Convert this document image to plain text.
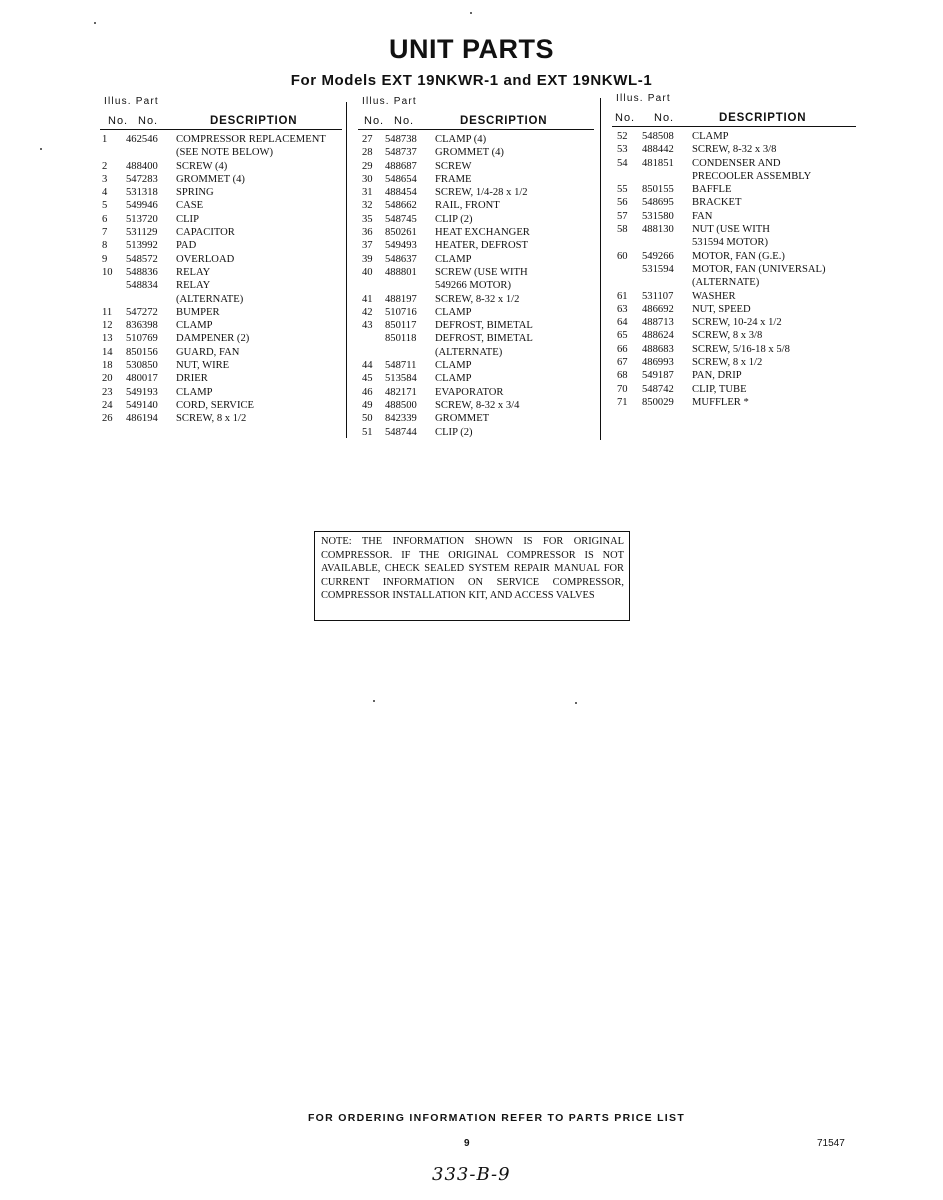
UNIT PARTS
For Models EXT 19NKWR-1 and EXT 19NKWL-1
Illus. Part
No. No.	DESCRIPTION
1 462546 COMPRESSOR REPLACEMENT
(SEE NOTE BELOW)
2 488400 SCREW (4)
3 547283 GROMMET (4)
4 531318 SPRING
5 549946 CASE
6 513720 CLIP
7 531129 CAPACITOR
8 513992 PAD
9 548572 OVERLOAD
10 548836 RELAY
548834 RELAY
(ALTERNATE)
11 547272 BUMPER
12 836398 CLAMP
13 510769 DAMPENER (2)
14 850156 GUARD, FAN
18 530850 NUT, WIRE
20 480017 DRIER
23 549193 CLAMP
24 549140 CORD, SERVICE
26 486194 SCREW, 8 x 1/2
Illus. Part
No. No.	DESCRIPTION
27 548738 CLAMP (4)
28 548737 GROMMET (4)
29 488687 SCREW
30 548654 FRAME
31 488454 SCREW, 1/4-28 x 1/2
32 548662 RAIL, FRONT
35 548745 CLIP (2)
36 850261 HEAT EXCHANGER
37 549493 HEATER, DEFROST
39 548637 CLAMP
40 488801 SCREW (USE WITH
549266 MOTOR)
41 488197 SCREW, 8-32 x 1/2
42 510716 CLAMP
43 850117 DEFROST, BIMETAL
850118 DEFROST, BIMETAL
(ALTERNATE)
44 548711 CLAMP
45 513584 CLAMP
46 482171 EVAPORATOR
49 488500 SCREW, 8-32 x 3/4
50 842339 GROMMET
51 548744 CLIP (2)
Illus. Part
No. No.	DESCRIPTION
52 548508 CLAMP
53 488442 SCREW, 8-32 x 3/8
54 481851 CONDENSER AND
PRECOOLER ASSEMBLY
55 850155 BAFFLE
56 548695 BRACKET
57 531580 FAN
58 488130 NUT (USE WITH
531594 MOTOR)
60 549266 MOTOR, FAN (G.E.)
531594 MOTOR, FAN (UNIVERSAL)
(ALTERNATE)
61 531107 WASHER
63 486692 NUT, SPEED
64 488713 SCREW, 10-24 x 1/2
65 488624 SCREW, 8 x 3/8
66 488683 SCREW, 5/16-18 x 5/8
67 486993 SCREW, 8 x 1/2
68 549187 PAN, DRIP
70 548742 CLIP, TUBE
71 850029 MUFFLER *
NOTE: THE INFORMATION SHOWN IS FOR ORIGINAL COMPRESSOR. IF THE ORIGINAL COMPRESSOR IS NOT AVAILABLE, CHECK SEALED SYSTEM REPAIR MANUAL FOR CURRENT INFORMATION ON SERVICE COMPRESSOR, COMPRESSOR INSTALLATION KIT, AND ACCESS VALVES
FOR ORDERING INFORMATION REFER TO PARTS PRICE LIST
9	71547
333-B-9
